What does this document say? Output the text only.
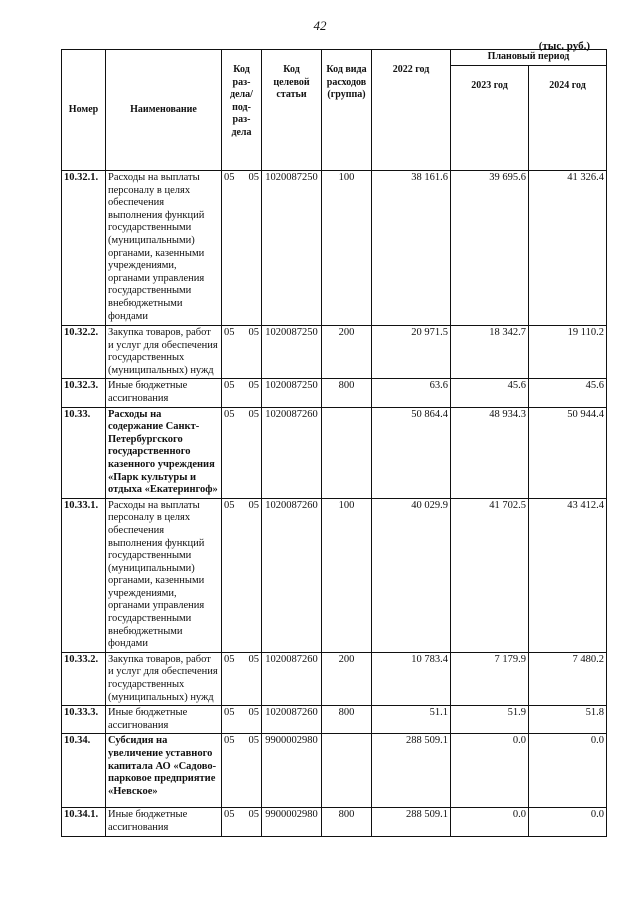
42
(тыс. руб.)
Номер	Наименование	Код раз-дела/ под-раз-дела	Код целевой статьи	Код вида расходов (группа)	2022 год	Плановый период	
						2023 год	2024 год
10.32.1.	Расходы на выплаты персоналу в целях обеспечения выполнения функций государственными (муниципальными) органами, казенными учреждениями, органами управления государственными внебюджетными фондами	05 05	1020087250	100	38 161.6	39 695.6	41 326.4
10.32.2.	Закупка товаров, работ и услуг для обеспечения государственных (муниципальных) нужд	05 05	1020087250	200	20 971.5	18 342.7	19 110.2
10.32.3.	Иные бюджетные ассигнования	05 05	1020087250	800	63.6	45.6	45.6
10.33.	Расходы на содержание Санкт-Петербургского государственного казенного учреждения «Парк культуры и отдыха «Екатерингоф»	05 05	1020087260		50 864.4	48 934.3	50 944.4
10.33.1.	Расходы на выплаты персоналу в целях обеспечения выполнения функций государственными (муниципальными) органами, казенными учреждениями, органами управления государственными внебюджетными фондами	05 05	1020087260	100	40 029.9	41 702.5	43 412.4
10.33.2.	Закупка товаров, работ и услуг для обеспечения государственных (муниципальных) нужд	05 05	1020087260	200	10 783.4	7 179.9	7 480.2
10.33.3.	Иные бюджетные ассигнования	05 05	1020087260	800	51.1	51.9	51.8
10.34.	Субсидия на увеличение уставного капитала АО «Садово-парковое предприятие «Невское»	05 05	9900002980		288 509.1	0.0	0.0
10.34.1.	Иные бюджетные ассигнования	05 05	9900002980	800	288 509.1	0.0	0.0
